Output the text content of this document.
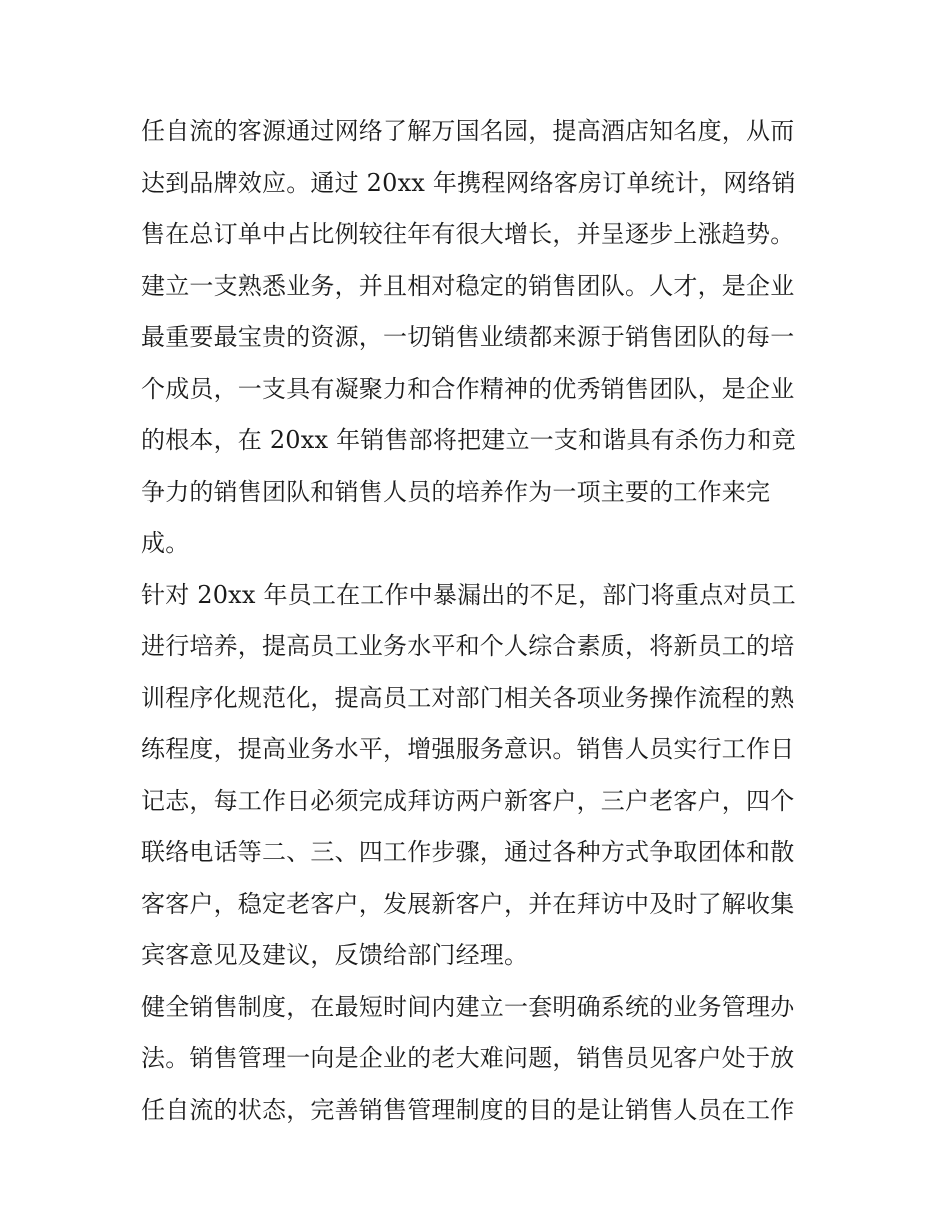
任自流的客源通过网络了解万国名园，提高酒店知名度，从而
达到品牌效应。通过 20xx 年携程网络客房订单统计，网络销
售在总订单中占比例较往年有很大增长，并呈逐步上涨趋势。
建立一支熟悉业务，并且相对稳定的销售团队。人才，是企业
最重要最宝贵的资源，一切销售业绩都来源于销售团队的每一
个成员，一支具有凝聚力和合作精神的优秀销售团队，是企业
的根本，在 20xx 年销售部将把建立一支和谐具有杀伤力和竞
争力的销售团队和销售人员的培养作为一项主要的工作来完
成。
针对 20xx 年员工在工作中暴漏出的不足，部门将重点对员工
进行培养，提高员工业务水平和个人综合素质，将新员工的培
训程序化规范化，提高员工对部门相关各项业务操作流程的熟
练程度，提高业务水平，增强服务意识。销售人员实行工作日
记志，每工作日必须完成拜访两户新客户，三户老客户，四个
联络电话等二、三、四工作步骤，通过各种方式争取团体和散
客客户，稳定老客户，发展新客户，并在拜访中及时了解收集
宾客意见及建议，反馈给部门经理。
健全销售制度，在最短时间内建立一套明确系统的业务管理办
法。销售管理一向是企业的老大难问题，销售员见客户处于放
任自流的状态，完善销售管理制度的目的是让销售人员在工作
